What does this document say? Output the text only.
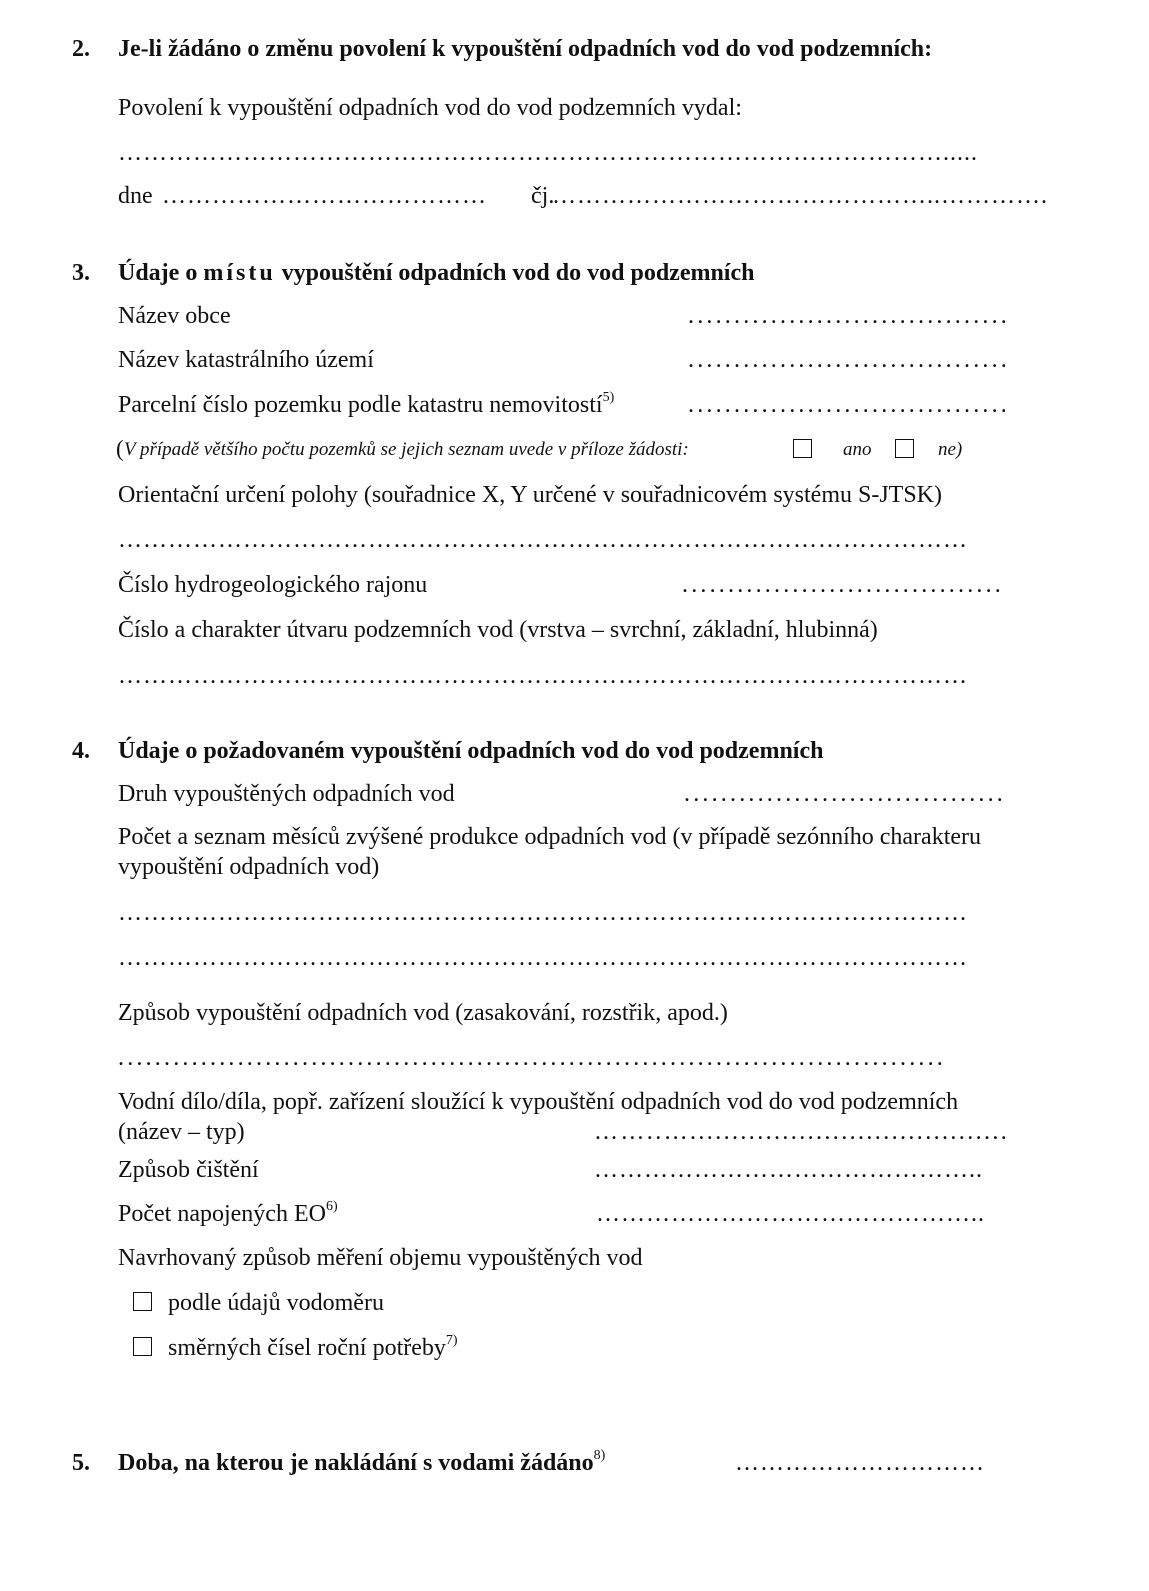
2. Je-li žádáno o změnu povolení k vypouštění odpadních vod do vod podzemních:
Povolení k vypouštění odpadních vod do vod podzemních vydal:
……………………………………………………………………………………….....
dne …………………………………	čj.
………………………………………..………….
3. Údaje o místu vypouštění odpadních vod do vod podzemních
Název obce	...................................
Název katastrálního území	...................................
Parcelní číslo pozemku podle katastru nemovitostí$^{5)}$	...................................
( V případě většího počtu pozemků se jejich seznam uvede v příloze žádosti:	ano	ne)
Orientační určení polohy (souřadnice X, Y určené v souřadnicovém systému S-JTSK)
…………………………………………………………………………………………
Číslo hydrogeologického rajonu	...................................
Číslo a charakter útvaru podzemních vod (vrstva – svrchní, základní, hlubinná)
…………………………………………………………………………………………
4. Údaje o požadovaném vypouštění odpadních vod do vod podzemních
Druh vypouštěných odpadních vod	...................................
Počet a seznam měsíců zvýšené produkce odpadních vod (v případě sezónního charakteru
vypouštění odpadních vod)
…………………………………………………………………………………………
…………………………………………………………………………………………
Způsob vypouštění odpadních vod (zasakování, rozstřik, apod.)
..........................................................................................
Vodní dílo/díla, popř. zařízení sloužící k vypouštění odpadních vod do vod podzemních
(název – typ)	……..…......................................
Způsob čištění	………………………………………..
Počet napojených EO$^{6)}$	………………………………………..
Navrhovaný způsob měření objemu vypouštěných vod
podle údajů vodoměru
směrných čísel roční potřeby$^{7)}$
5. Doba, na kterou je nakládání s vodami žádáno$^{8)}$	…………………………
